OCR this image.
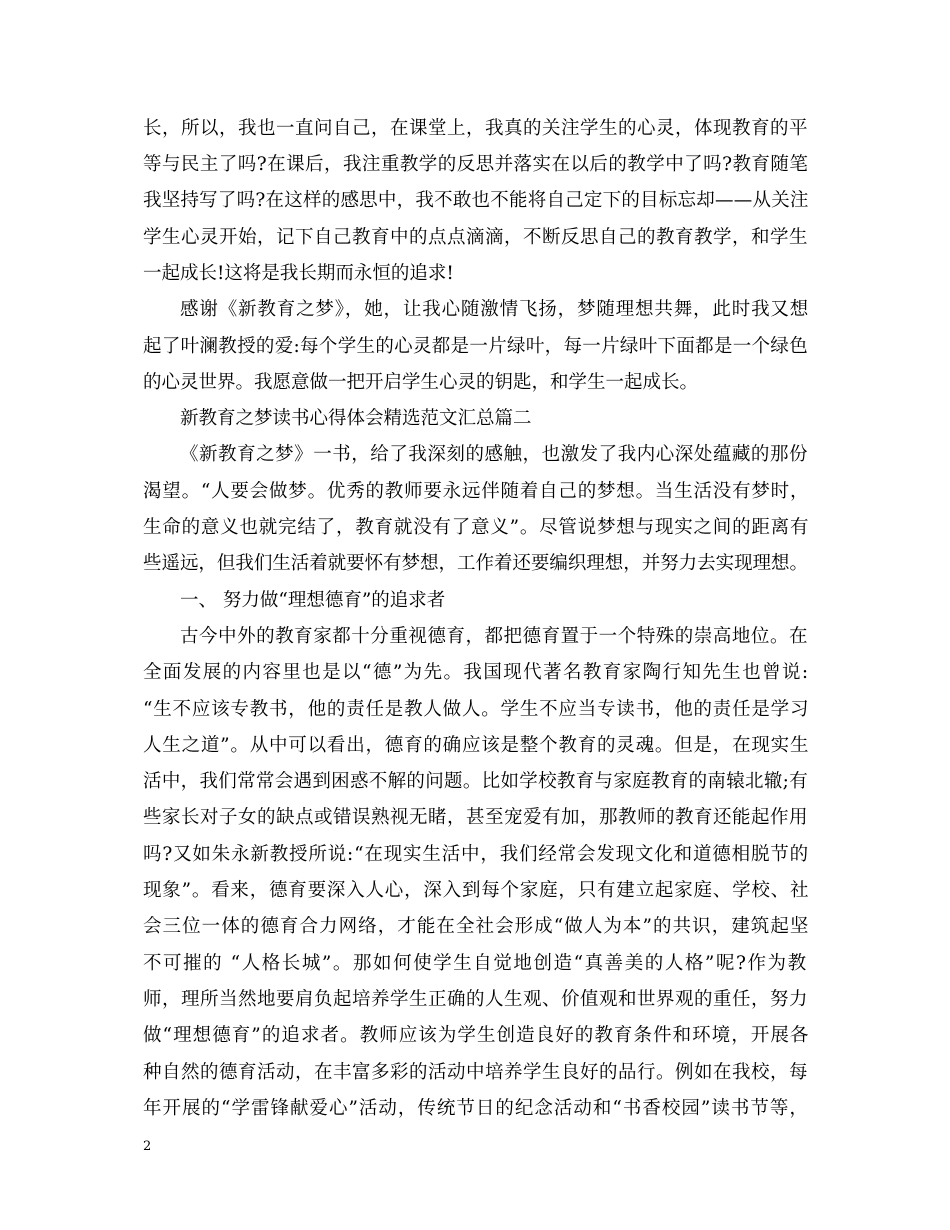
长，所以，我也一直问自己，在课堂上，我真的关注学生的心灵，体现教育的平
等与民主了吗?在课后，我注重教学的反思并落实在以后的教学中了吗?教育随笔
我坚持写了吗?在这样的感思中，我不敢也不能将自己定下的目标忘却——从关注
学生心灵开始，记下自己教育中的点点滴滴，不断反思自己的教育教学，和学生
一起成长!这将是我长期而永恒的追求!
感谢《新教育之梦》，她，让我心随激情飞扬，梦随理想共舞，此时我又想
起了叶澜教授的爱:每个学生的心灵都是一片绿叶，每一片绿叶下面都是一个绿色
的心灵世界。我愿意做一把开启学生心灵的钥匙，和学生一起成长。
新教育之梦读书心得体会精选范文汇总篇二
《新教育之梦》一书，给了我深刻的感触，也激发了我内心深处蕴藏的那份
渴望。“人要会做梦。优秀的教师要永远伴随着自己的梦想。当生活没有梦时，
生命的意义也就完结了，教育就没有了意义”。尽管说梦想与现实之间的距离有
些遥远，但我们生活着就要怀有梦想，工作着还要编织理想，并努力去实现理想。
一、 努力做“理想德育”的追求者
古今中外的教育家都十分重视德育，都把德育置于一个特殊的崇高地位。在
全面发展的内容里也是以“德”为先。我国现代著名教育家陶行知先生也曾说:
“生不应该专教书，他的责任是教人做人。学生不应当专读书，他的责任是学习
人生之道”。从中可以看出，德育的确应该是整个教育的灵魂。但是，在现实生
活中，我们常常会遇到困惑不解的问题。比如学校教育与家庭教育的南辕北辙;有
些家长对子女的缺点或错误熟视无睹，甚至宠爱有加，那教师的教育还能起作用
吗?又如朱永新教授所说:“在现实生活中，我们经常会发现文化和道德相脱节的
现象”。看来，德育要深入人心，深入到每个家庭，只有建立起家庭、学校、社
会三位一体的德育合力网络，才能在全社会形成“做人为本”的共识，建筑起坚
不可摧的 “人格长城”。那如何使学生自觉地创造“真善美的人格”呢?作为教
师，理所当然地要肩负起培养学生正确的人生观、价值观和世界观的重任，努力
做“理想德育”的追求者。教师应该为学生创造良好的教育条件和环境，开展各
种自然的德育活动，在丰富多彩的活动中培养学生良好的品行。例如在我校，每
年开展的“学雷锋献爱心”活动，传统节日的纪念活动和“书香校园”读书节等，
2
